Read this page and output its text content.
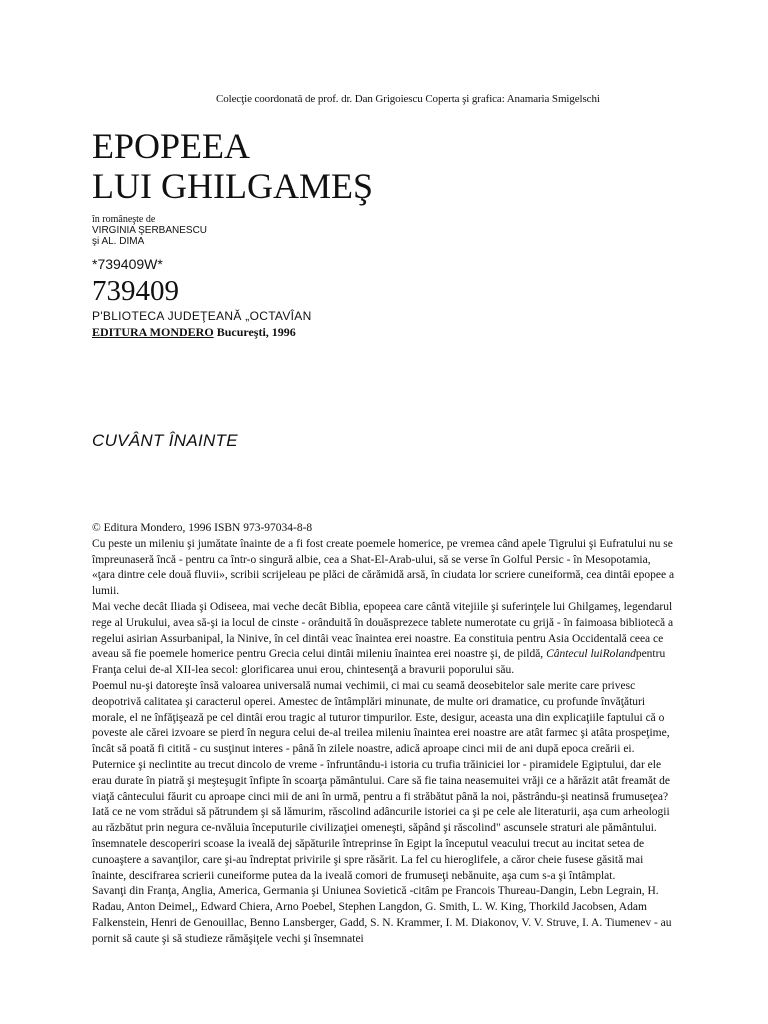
Colecţie coordonată de prof. dr. Dan Grigoiescu Coperta şi grafica: Anamaria Smigelschi
EPOPEEA
LUI GHILGAMEŞ
în româneşte de
VIRGINIA ŞERBANESCU
şi AL. DIMA
*739409W*
739409
P'BLIOTECA JUDEŢEANĂ „OCTAVÎAN
EDITURA MONDERO Bucureşti, 1996
CUVÂNT ÎNAINTE

© Editura Mondero, 1996 ISBN 973-97034-8-8

Cu peste un mileniu şi jumătate înainte de a fi fost create poemele homerice, pe vremea când apele Tigrului şi Eufratului nu se împreunaseră încă - pentru ca într-o singură albie, cea a Shat-El-Arab-ului, să se verse în Golful Persic - în Mesopotamia, «ţara dintre cele două fluvii», scribii scrijeleau pe plăci de cărămidă arsă, în ciudata lor scriere cuneiformă, cea dintâi epopee a lumii.

Mai veche decât Iliada şi Odiseea, mai veche decât Biblia, epopeea care cântă vitejiile şi suferinţele lui Ghilgameş, legendarul rege al Urukului, avea să-şi ia locul de cinste - orânduită în douăsprezece tablete numerotate cu grijă - în faimoasa bibliotecă a regelui asirian Assurbanipal, la Ninive, în cel dintâi veac înaintea erei noastre. Ea constituia pentru Asia Occidentală ceea ce aveau să fie poemele homerice pentru Grecia celui dintâi mileniu înaintea erei noastre şi, de pildă, Cântecul luiRolandpentru Franţa celui de-al XII-lea secol: glorificarea unui erou, chintesenţă a bravurii poporului său.

Poemul nu-şi datoreşte însă valoarea universală numai vechimii, ci mai cu seamă deosebitelor sale merite care privesc deopotrivă calitatea şi caracterul operei. Amestec de întâmplări minunate, de multe ori dramatice, cu profunde învăţături morale, el ne înfăţişează pe cel dintâi erou tragic al tuturor timpurilor. Este, desigur, aceasta una din explicaţiile faptului că o poveste ale cărei izvoare se pierd în negura celui de-al treilea mileniu înaintea erei noastre are atât farmec şi atâta prospeţime, încât să poată fi citită - cu susţinut interes - până în zilele noastre, adică aproape cinci mii de ani după epoca creării ei.

Puternice şi neclintite au trecut dincolo de vreme - înfruntându-i istoria cu trufia trăiniciei lor - piramidele Egiptului, dar ele erau durate în piatră şi meşteşugit înfipte în scoarţa pământului. Care să fie taina neasemuitei vrăji ce a hărăzit atât freamăt de viaţă cântecului făurit cu aproape cinci mii de ani în urmă, pentru a fi străbătut până la noi, păstrându-şi neatinsă frumuseţea?

Iată ce ne vom strădui să pătrundem şi să lămurim, răscolind adâncurile istoriei ca şi pe cele ale literaturii, aşa cum arheologii au răzbătut prin negura ce-nvăluia începuturile civilizaţiei omeneşti, săpând şi răscolind" ascunsele straturi ale pământului. însemnatele descoperiri scoase la iveală dej săpăturile întreprinse în Egipt la începutul veacului trecut au incitat setea de cunoaştere a savanţilor, care şi-au îndreptat privirile şi spre răsărit. La fel cu hieroglifele, a căror cheie fusese găsită mai înainte, descifrarea scrierii cuneiforme putea da la iveală comori de frumuseţi nebănuite, aşa cum s-a şi întâmplat.

Savanţi din Franţa, Anglia, America, Germania şi Uniunea Sovietică -citâm pe Francois Thureau-Dangin, Lebn Legrain, H. Radau, Anton Deimel,, Edward Chiera, Arno Poebel, Stephen Langdon, G. Smith, L. W. King, Thorkild Jacobsen, Adam Falkenstein, Henri de Genouillac, Benno Lansberger, Gadd, S. N. Krammer, I. M. Diakonov, V. V. Struve, I. A. Tiumenev - au pornit să caute şi să studieze rămăşiţele vechi şi însemnatei
